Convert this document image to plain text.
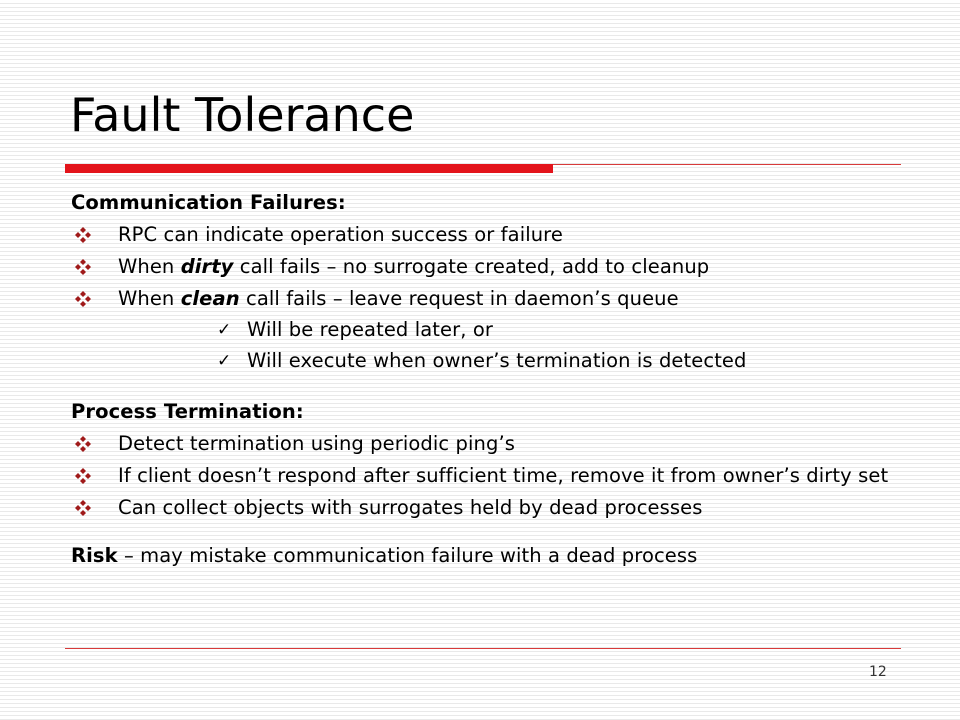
Fault Tolerance

Communication Failures:

RPC can indicate operation success or failure
When dirty call fails – no surrogate created, add to cleanup
When clean call fails – leave request in daemon’s queue
✓ Will be repeated later, or
✓ Will execute when owner’s termination is detected

Process Termination:

Detect termination using periodic ping’s
If client doesn’t respond after sufficient time, remove it from owner’s dirty set
Can collect objects with surrogates held by dead processes

Risk – may mistake communication failure with a dead process

12
